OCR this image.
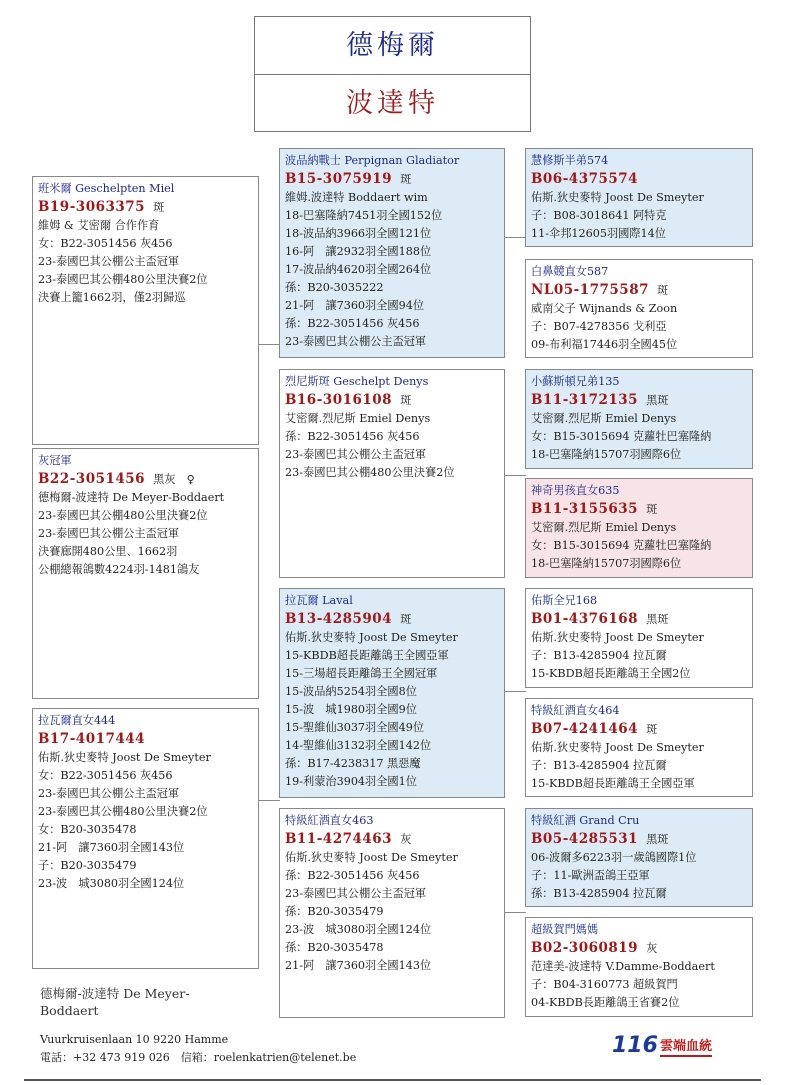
德梅爾
波達特
班米爾 Geschelpten Miel
B19-3063375 斑
維姆 & 艾密爾 合作作育
女：B22-3051456 灰456
23-泰國巴其公棚公主盃冠軍
23-泰國巴其公棚480公里決賽2位
決賽上籠1662羽，僅2羽歸巡
灰冠軍
B22-3051456 黑灰　♀
德梅爾-波達特 De Meyer-Boddaert
23-泰國巴其公棚480公里決賽2位
23-泰國巴其公棚公主盃冠軍
決賽廊開480公里、1662羽
公棚總報鴿數4224羽-1481鴿友
拉瓦爾直女444
B17-4017444
佑斯.狄史麥特 Joost De Smeyter
女：B22-3051456 灰456
23-泰國巴其公棚公主盃冠軍
23-泰國巴其公棚480公里決賽2位
女：B20-3035478
21-阿　讓7360羽全國143位
子：B20-3035479
23-波　城3080羽全國124位
波品納戰士 Perpignan Gladiator
B15-3075919 斑
維姆.波達特 Boddaert wim
18-巴塞隆納7451羽全國152位
18-波品納3966羽全國121位
16-阿　讓2932羽全國188位
17-波品納4620羽全國264位
孫：B20-3035222
21-阿　讓7360羽全國94位
孫：B22-3051456 灰456
23-泰國巴其公棚公主盃冠軍
烈尼斯斑 Geschelpt Denys
B16-3016108 斑
艾密爾.烈尼斯 Emiel Denys
孫：B22-3051456 灰456
23-泰國巴其公棚公主盃冠軍
23-泰國巴其公棚480公里決賽2位
拉瓦爾 Laval
B13-4285904 斑
佑斯.狄史麥特 Joost De Smeyter
15-KBDB超長距離鴿王全國亞軍
15-三場超長距離鴿王全國冠軍
15-波品納5254羽全國8位
15-波　城1980羽全國9位
15-聖維仙3037羽全國49位
14-聖維仙3132羽全國142位
孫：B17-4238317 黑惡魔
19-利蒙治3904羽全國1位
特級紅酒直女463
B11-4274463 灰
佑斯.狄史麥特 Joost De Smeyter
孫：B22-3051456 灰456
23-泰國巴其公棚公主盃冠軍
孫：B20-3035479
23-波　城3080羽全國124位
孫：B20-3035478
21-阿　讓7360羽全國143位
慧修斯半弟574
B06-4375574
佑斯.狄史麥特 Joost De Smeyter
子：B08-3018641 阿特克
11-伞邦12605羽國際14位
白鼻競直女587
NL05-1775587 斑
威南父子 Wijnands & Zoon
子：B07-4278356 戈利亞
09-布利福17446羽全國45位
小蘇斯頓兄弟135
B11-3172135 黑斑
艾密爾.烈尼斯 Emiel Denys
女：B15-3015694 克蘿牡巴塞隆納
18-巴塞隆納15707羽國際6位
神奇男孩直女635
B11-3155635 斑
艾密爾.烈尼斯 Emiel Denys
女：B15-3015694 克蘿牡巴塞隆納
18-巴塞隆納15707羽國際6位
佑斯全兄168
B01-4376168 黑斑
佑斯.狄史麥特 Joost De Smeyter
子：B13-4285904 拉瓦爾
15-KBDB超長距離鴿王全國2位
特級紅酒直女464
B07-4241464 斑
佑斯.狄史麥特 Joost De Smeyter
子：B13-4285904 拉瓦爾
15-KBDB超長距離鴿王全國亞軍
特級紅酒 Grand Cru
B05-4285531 黑斑
06-波爾多6223羽一歲鴿國際1位
子：11-歐洲盃鴿王亞軍
孫：B13-4285904 拉瓦爾
超級賀門媽媽
B02-3060819 灰
范達美-波達特 V.Damme-Boddaert
子：B04-3160773 超級賀門
04-KBDB長距離鴿王省賽2位
德梅爾-波達特 De Meyer-
Boddaert
Vuurkruisenlaan 10 9220 Hamme
電話：+32 473 919 026　信箱：roelenkatrien@telenet.be	116 雲端血統
